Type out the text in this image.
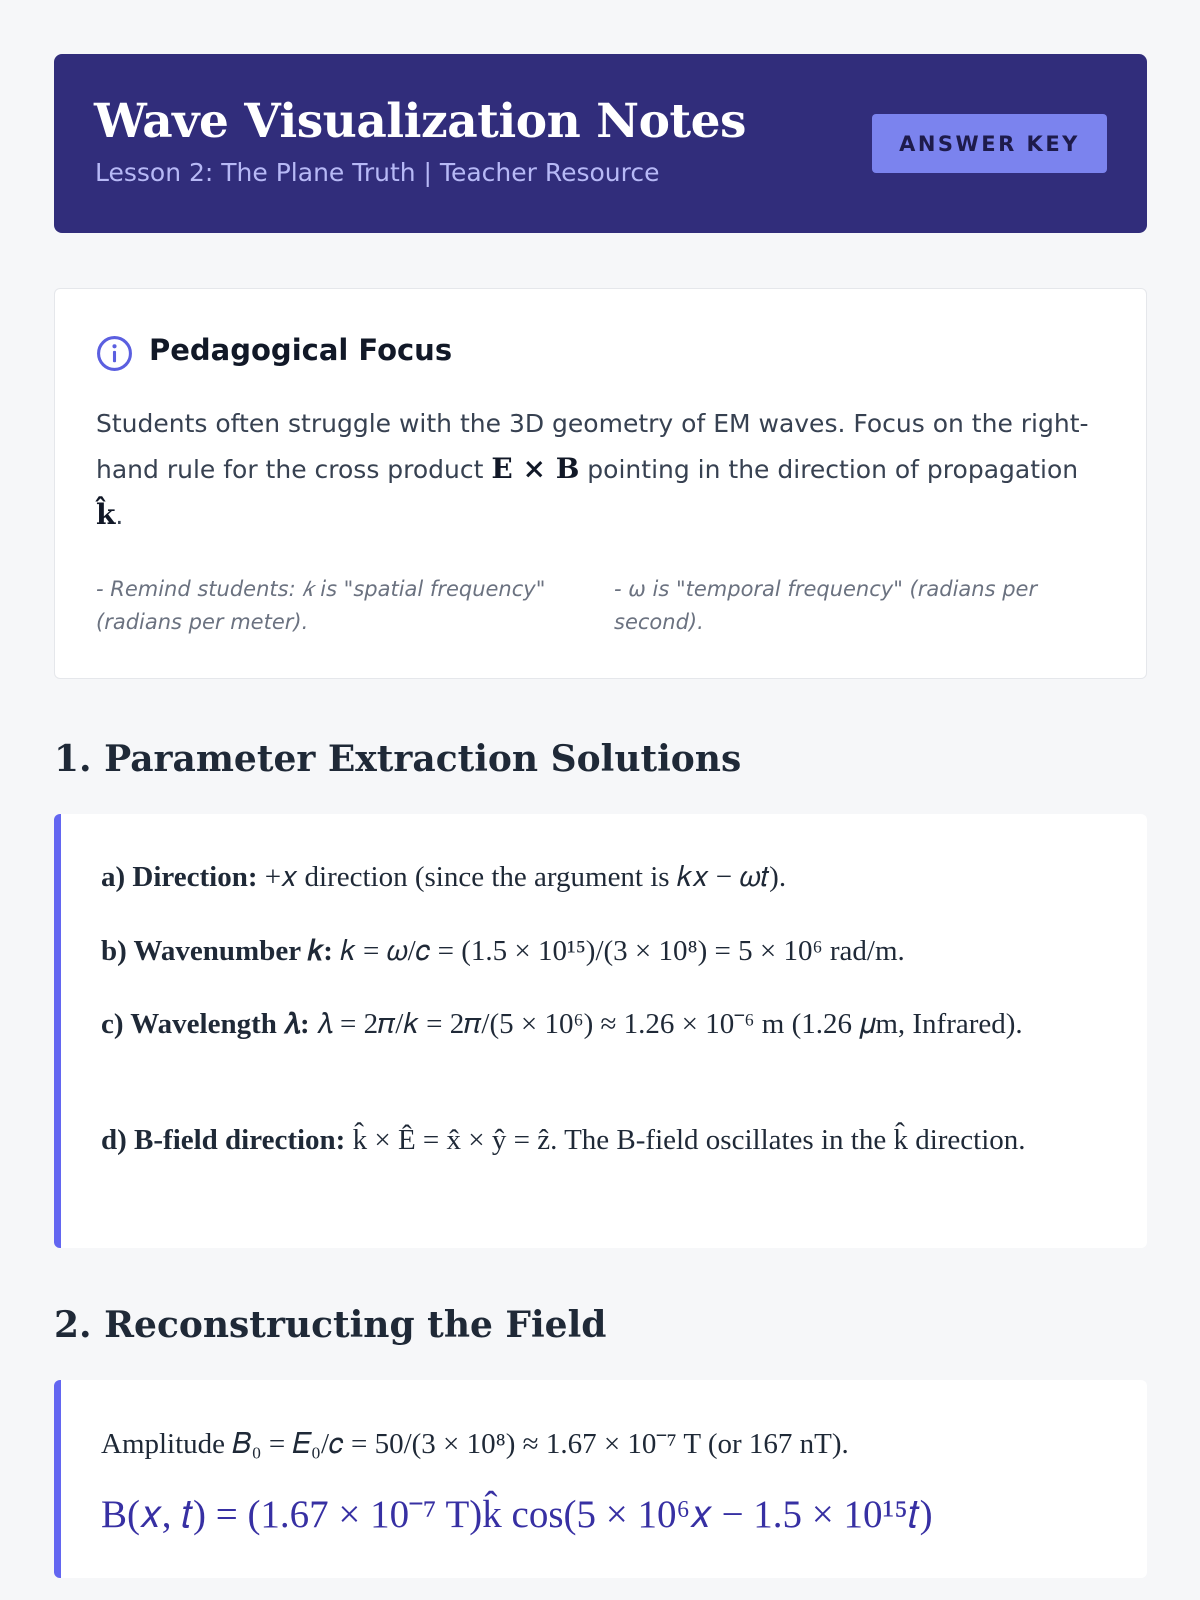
Wave Visualization Notes
Lesson 2: The Plane Truth | Teacher Resource
ANSWER KEY
Pedagogical Focus
Students often struggle with the 3D geometry of EM waves. Focus on the right-hand rule for the cross product E × B pointing in the direction of propagation
k̂.
- Remind students: 𝑘 is "spatial frequency" (radians per meter).
- ω is "temporal frequency" (radians per second).
1. Parameter Extraction Solutions
a) Direction: +𝑥 direction (since the argument is 𝑘𝑥 − 𝜔𝑡).
b) Wavenumber 𝑘: 𝑘 = 𝜔/𝑐 = (1.5 × 10¹⁵)/(3 × 10⁸) = 5 × 10⁶ rad/m.
c) Wavelength 𝜆: 𝜆 = 2𝜋/𝑘 = 2𝜋/(5 × 10⁶) ≈ 1.26 × 10⁻⁶ m (1.26 𝜇m, Infrared).
d) B-field direction: k̂ × Ê = x̂ × ŷ = ẑ. The B-field oscillates in the k̂ direction.
2. Reconstructing the Field
Amplitude 𝐵₀ = 𝐸₀/𝑐 = 50/(3 × 10⁸) ≈ 1.67 × 10⁻⁷ T (or 167 nT).
B(𝑥, 𝑡) = (1.67 × 10⁻⁷ T)k̂ cos(5 × 10⁶𝑥 − 1.5 × 10¹⁵𝑡)
